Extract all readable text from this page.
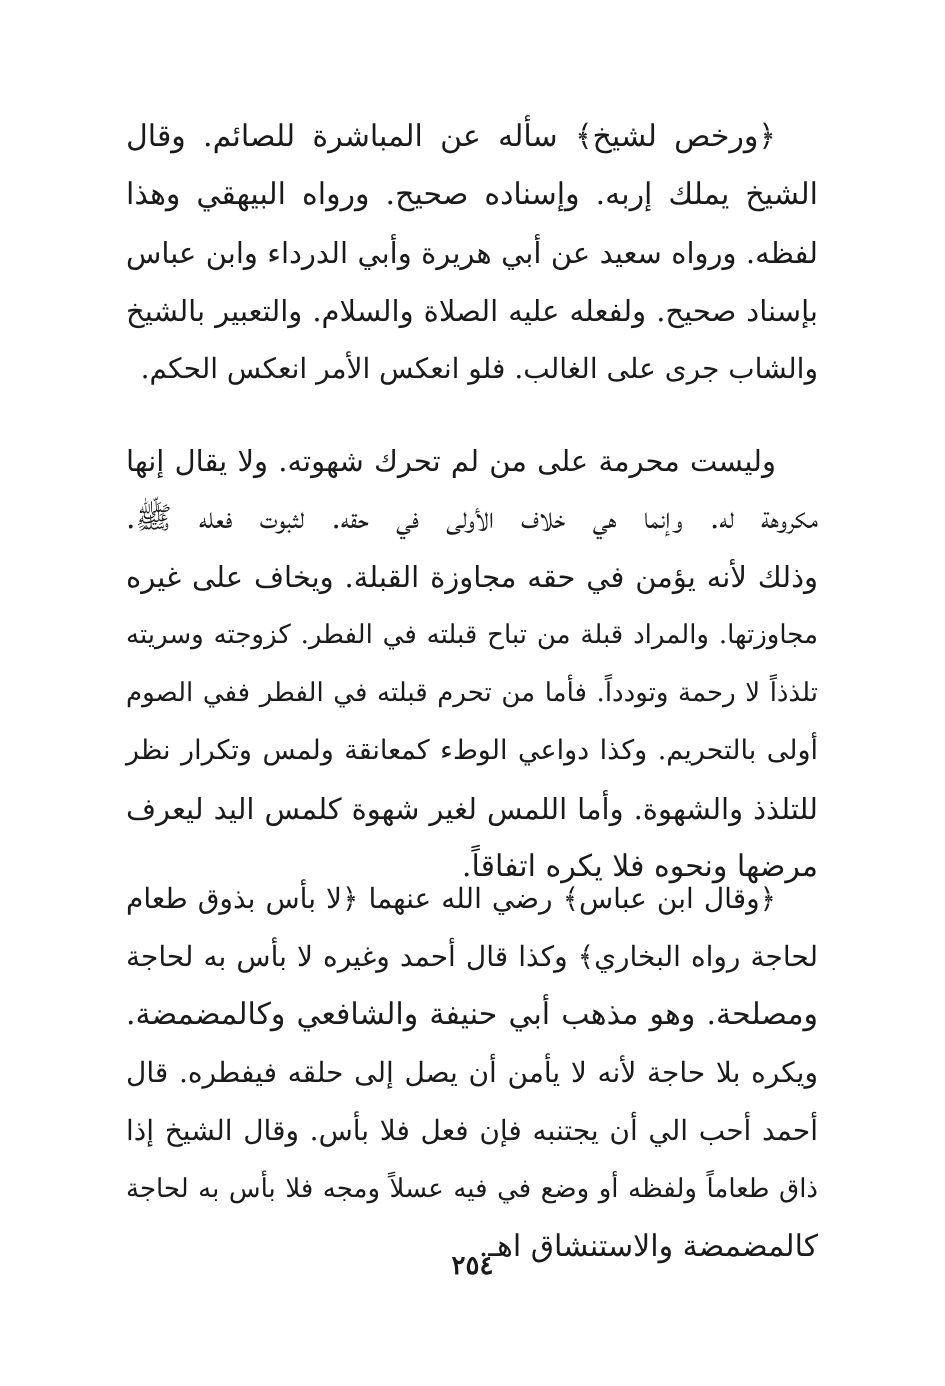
﴿ورخص لشيخ﴾ سأله عن المباشرة للصائم. وقال
الشيخ يملك إربه. وإسناده صحيح. ورواه البيهقي وهذا
لفظه. ورواه سعيد عن أبي هريرة وأبي الدرداء وابن عباس
بإسناد صحيح. ولفعله عليه الصلاة والسلام. والتعبير بالشيخ
والشاب جرى على الغالب. فلو انعكس الأمر انعكس الحكم.
وليست محرمة على من لم تحرك شهوته. ولا يقال إنها
مكروهة له. وإنما هي خلاف الأولى في حقه. لثبوت فعله ﷺ.
وذلك لأنه يؤمن في حقه مجاوزة القبلة. ويخاف على غيره
مجاوزتها. والمراد قبلة من تباح قبلته في الفطر. كزوجته وسريته
تلذذاً لا رحمة وتودداً. فأما من تحرم قبلته في الفطر ففي الصوم
أولى بالتحريم. وكذا دواعي الوطء كمعانقة ولمس وتكرار نظر
للتلذذ والشهوة. وأما اللمس لغير شهوة كلمس اليد ليعرف
مرضها ونحوه فلا يكره اتفاقاً.
﴿وقال ابن عباس﴾ رضي الله عنهما ﴿لا بأس بذوق طعام
لحاجة رواه البخاري﴾ وكذا قال أحمد وغيره لا بأس به لحاجة
ومصلحة. وهو مذهب أبي حنيفة والشافعي وكالمضمضة.
ويكره بلا حاجة لأنه لا يأمن أن يصل إلى حلقه فيفطره. قال
أحمد أحب الي أن يجتنبه فإن فعل فلا بأس. وقال الشيخ إذا
ذاق طعاماً ولفظه أو وضع في فيه عسلاً ومجه فلا بأس به لحاجة
كالمضمضة والاستنشاق اهـ.
٢٥٤
